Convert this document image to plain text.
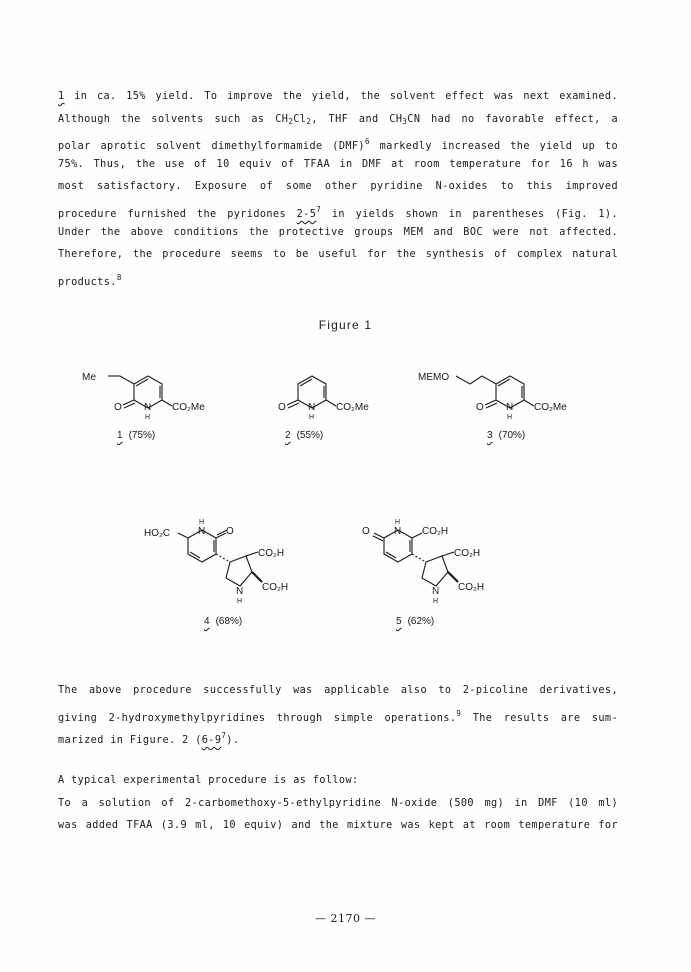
1 in ca. 15% yield. To improve the yield, the solvent effect was next examined.
Although the solvents such as $CH_2Cl_2$, THF and $CH_3CN$ had no favorable effect, a
polar aprotic solvent dimethylformamide (DMF)$^6$ markedly increased the yield up to
75%. Thus, the use of 10 equiv of TFAA in DMF at room temperature for 16 h was
most satisfactory. Exposure of some other pyridine N-oxides to this improved
procedure furnished the pyridones $2-5^7$ in yields shown in parentheses (Fig. 1).
Under the above conditions the protective groups MEM and BOC were not affected.
Therefore, the procedure seems to be useful for the synthesis of complex natural
products.$^8$
Figure 1
Me
O N
H
CO₂Me	O N
H
CO₂Me
MEMO
O N
H
CO₂Me
1 (75%)	2 (55%)	3 (70%)
HO₂C	N
H
O
CO₂H
N
H
CO₂H
O N
H
CO₂H
CO₂H
N
H
CO₂H
4 (68%)	5 (62%)
The above procedure successfully was applicable also to 2-picoline derivatives,
giving 2-hydroxymethylpyridines through simple operations.$^9$ The results are sum-
marized in Figure. 2 $(6-9^7)$.
A typical experimental procedure is as follow:
To a solution of 2-carbomethoxy-5-ethylpyridine N-oxide (500 mg) in DMF (10 ml)
was added TFAA (3.9 ml, 10 equiv) and the mixture was kept at room temperature for
— 2170 —
